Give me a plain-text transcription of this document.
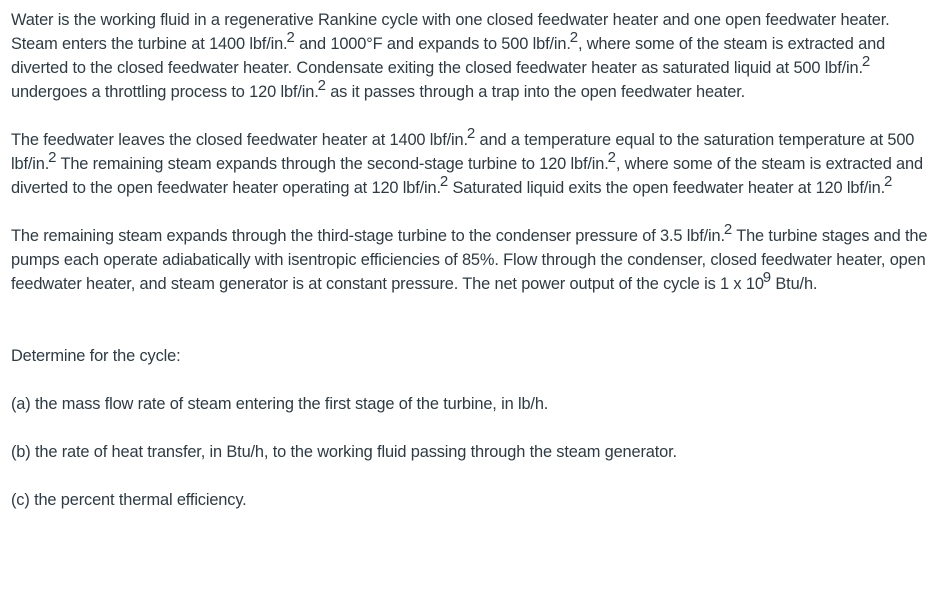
Water is the working fluid in a regenerative Rankine cycle with one closed feedwater heater and one open feedwater heater. Steam enters the turbine at 1400 lbf/in.2 and 1000°F and expands to 500 lbf/in.2, where some of the steam is extracted and diverted to the closed feedwater heater. Condensate exiting the closed feedwater heater as saturated liquid at 500 lbf/in.2 undergoes a throttling process to 120 lbf/in.2 as it passes through a trap into the open feedwater heater.

The feedwater leaves the closed feedwater heater at 1400 lbf/in.2 and a temperature equal to the saturation temperature at 500 lbf/in.2 The remaining steam expands through the second-stage turbine to 120 lbf/in.2, where some of the steam is extracted and diverted to the open feedwater heater operating at 120 lbf/in.2 Saturated liquid exits the open feedwater heater at 120 lbf/in.2

The remaining steam expands through the third-stage turbine to the condenser pressure of 3.5 lbf/in.2 The turbine stages and the pumps each operate adiabatically with isentropic efficiencies of 85%. Flow through the condenser, closed feedwater heater, open feedwater heater, and steam generator is at constant pressure. The net power output of the cycle is 1 x 109 Btu/h.

Determine for the cycle:

(a) the mass flow rate of steam entering the first stage of the turbine, in lb/h.

(b) the rate of heat transfer, in Btu/h, to the working fluid passing through the steam generator.

(c) the percent thermal efficiency.
